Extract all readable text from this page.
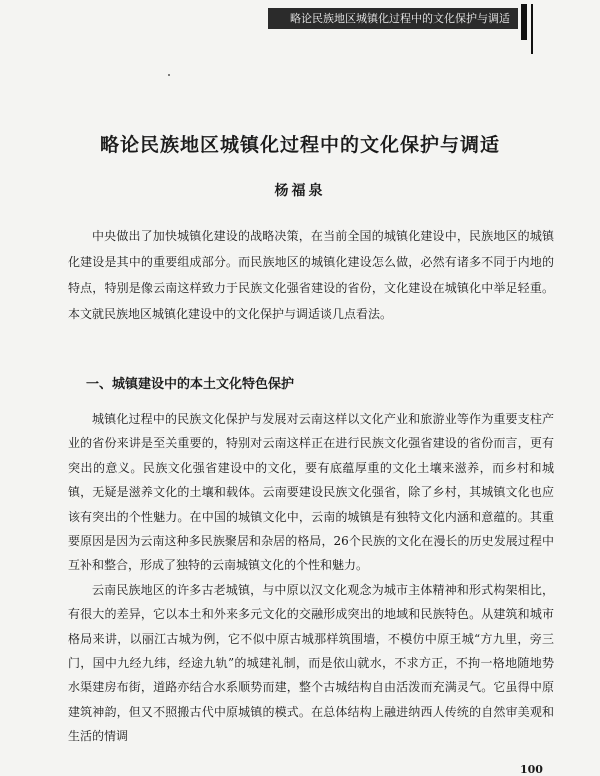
略论民族地区城镇化过程中的文化保护与调适
略论民族地区城镇化过程中的文化保护与调适
杨福泉

中央做出了加快城镇化建设的战略决策，在当前全国的城镇化建设中，民族地区的城镇化建设是其中的重要组成部分。而民族地区的城镇化建设怎么做，必然有诸多不同于内地的特点，特别是像云南这样致力于民族文化强省建设的省份，文化建设在城镇化中举足轻重。本文就民族地区城镇化建设中的文化保护与调适谈几点看法。

一、城镇建设中的本土文化特色保护

城镇化过程中的民族文化保护与发展对云南这样以文化产业和旅游业等作为重要支柱产业的省份来讲是至关重要的，特别对云南这样正在进行民族文化强省建设的省份而言，更有突出的意义。民族文化强省建设中的文化，要有底蕴厚重的文化土壤来滋养，而乡村和城镇，无疑是滋养文化的土壤和载体。云南要建设民族文化强省，除了乡村，其城镇文化也应该有突出的个性魅力。在中国的城镇文化中，云南的城镇是有独特文化内涵和意蕴的。其重要原因是因为云南这种多民族聚居和杂居的格局，26个民族的文化在漫长的历史发展过程中互补和整合，形成了独特的云南城镇文化的个性和魅力。

云南民族地区的许多古老城镇，与中原以汉文化观念为城市主体精神和形式构架相比，有很大的差异，它以本土和外来多元文化的交融形成突出的地域和民族特色。从建筑和城市格局来讲，以丽江古城为例，它不似中原古城那样筑围墙，不模仿中原王城“方九里，旁三门，国中九经九纬，经途九轨”的城建礼制，而是依山就水，不求方正，不拘一格地随地势水渠建房布街，道路亦结合水系顺势而建，整个古城结构自由活泼而充满灵气。它虽得中原建筑神韵，但又不照搬古代中原城镇的模式。在总体结构上融进纳西人传统的自然审美观和生活的情调

100
